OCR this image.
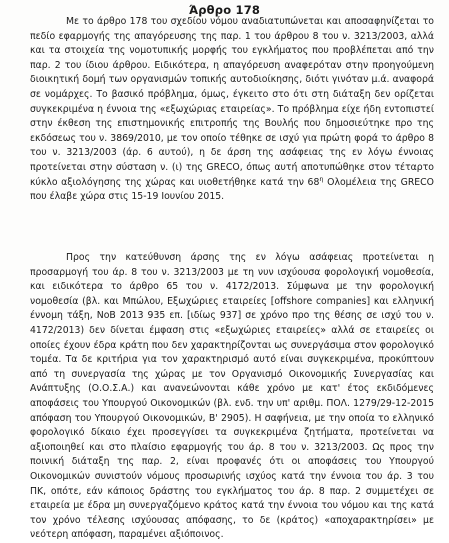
Άρθρο 178

Με το άρθρο 178 του σχεδίου νόμου αναδιατυπώνεται και αποσαφηνίζεται το πεδίο εφαρμογής της απαγόρευσης της παρ. 1 του άρθρου 8 του ν. 3213/2003, αλλά και τα στοιχεία της νομοτυπικής μορφής του εγκλήματος που προβλέπεται από την παρ. 2 του ίδιου άρθρου. Ειδικότερα, η απαγόρευση αναφερόταν στην προηγούμενη διοικητική δομή των οργανισμών τοπικής αυτοδιοίκησης, διότι γινόταν μ.ά. αναφορά σε νομάρχες. Το βασικό πρόβλημα, όμως, έγκειτο στο ότι στη διάταξη δεν ορίζεται συγκεκριμένα η έννοια της «εξωχώριας εταιρείας». Το πρόβλημα είχε ήδη εντοπιστεί στην έκθεση της επιστημονικής επιτροπής της Βουλής που δημοσιεύτηκε προ της εκδόσεως του ν. 3869/2010, με τον οποίο τέθηκε σε ισχύ για πρώτη φορά το άρθρο 8 του ν. 3213/2003 (άρ. 6 αυτού), η δε άρση της ασάφειας της εν λόγω έννοιας προτείνεται στην σύσταση ν. (ι) της GRECO, όπως αυτή αποτυπώθηκε στον τέταρτο κύκλο αξιολόγησης της χώρας και υιοθετήθηκε κατά την $68^\eta$ Ολομέλεια της GRECO που έλαβε χώρα στις 15-19 Ιουνίου 2015.

Προς την κατεύθυνση άρσης της εν λόγω ασάφειας προτείνεται η προσαρμογή του άρ. 8 του ν. 3213/2003 με τη νυν ισχύουσα φορολογική νομοθεσία, και ειδικότερα το άρθρο 65 του ν. 4172/2013. Σύμφωνα με την φορολογική νομοθεσία (βλ. και Μπώλου, Εξωχώριες εταιρείες [offshore companies] και ελληνική έννομη τάξη, ΝοΒ 2013 935 επ. [ιδίως 937] σε χρόνο προ της θέσης σε ισχύ του ν. 4172/2013) δεν δίνεται έμφαση στις «εξωχώριες εταιρείες» αλλά σε εταιρείες οι οποίες έχουν έδρα κράτη που δεν χαρακτηρίζονται ως συνεργάσιμα στον φορολογικό τομέα. Τα δε κριτήρια για τον χαρακτηρισμό αυτό είναι συγκεκριμένα, προκύπτουν από τη συνεργασία της χώρας με τον Οργανισμό Οικονομικής Συνεργασίας και Ανάπτυξης (Ο.Ο.Σ.Α.) και ανανεώνονται κάθε χρόνο με κατ' έτος εκδιδόμενες αποφάσεις του Υπουργού Οικονομικών (βλ. ενδ. την υπ' αριθμ. ΠΟΛ. 1279/29-12-2015 απόφαση του Υπουργού Οικονομικών, Β' 2905). Η σαφήνεια, με την οποία το ελληνικό φορολογικό δίκαιο έχει προσεγγίσει τα συγκεκριμένα ζητήματα, προτείνεται να αξιοποιηθεί και στο πλαίσιο εφαρμογής του άρ. 8 του ν. 3213/2003. Ως προς την ποινική διάταξη της παρ. 2, είναι προφανές ότι οι αποφάσεις του Υπουργού Οικονομικών συνιστούν νόμους προσωρινής ισχύος κατά την έννοια του άρ. 3 του ΠΚ, οπότε, εάν κάποιος δράστης του εγκλήματος του άρ. 8 παρ. 2 συμμετέχει σε εταιρεία με έδρα μη συνεργαζόμενο κράτος κατά την έννοια του νόμου και της κατά τον χρόνο τέλεσης ισχύουσας απόφασης, το δε (κράτος) «αποχαρακτηρίσει» με νεότερη απόφαση, παραμένει αξιόποινος.
